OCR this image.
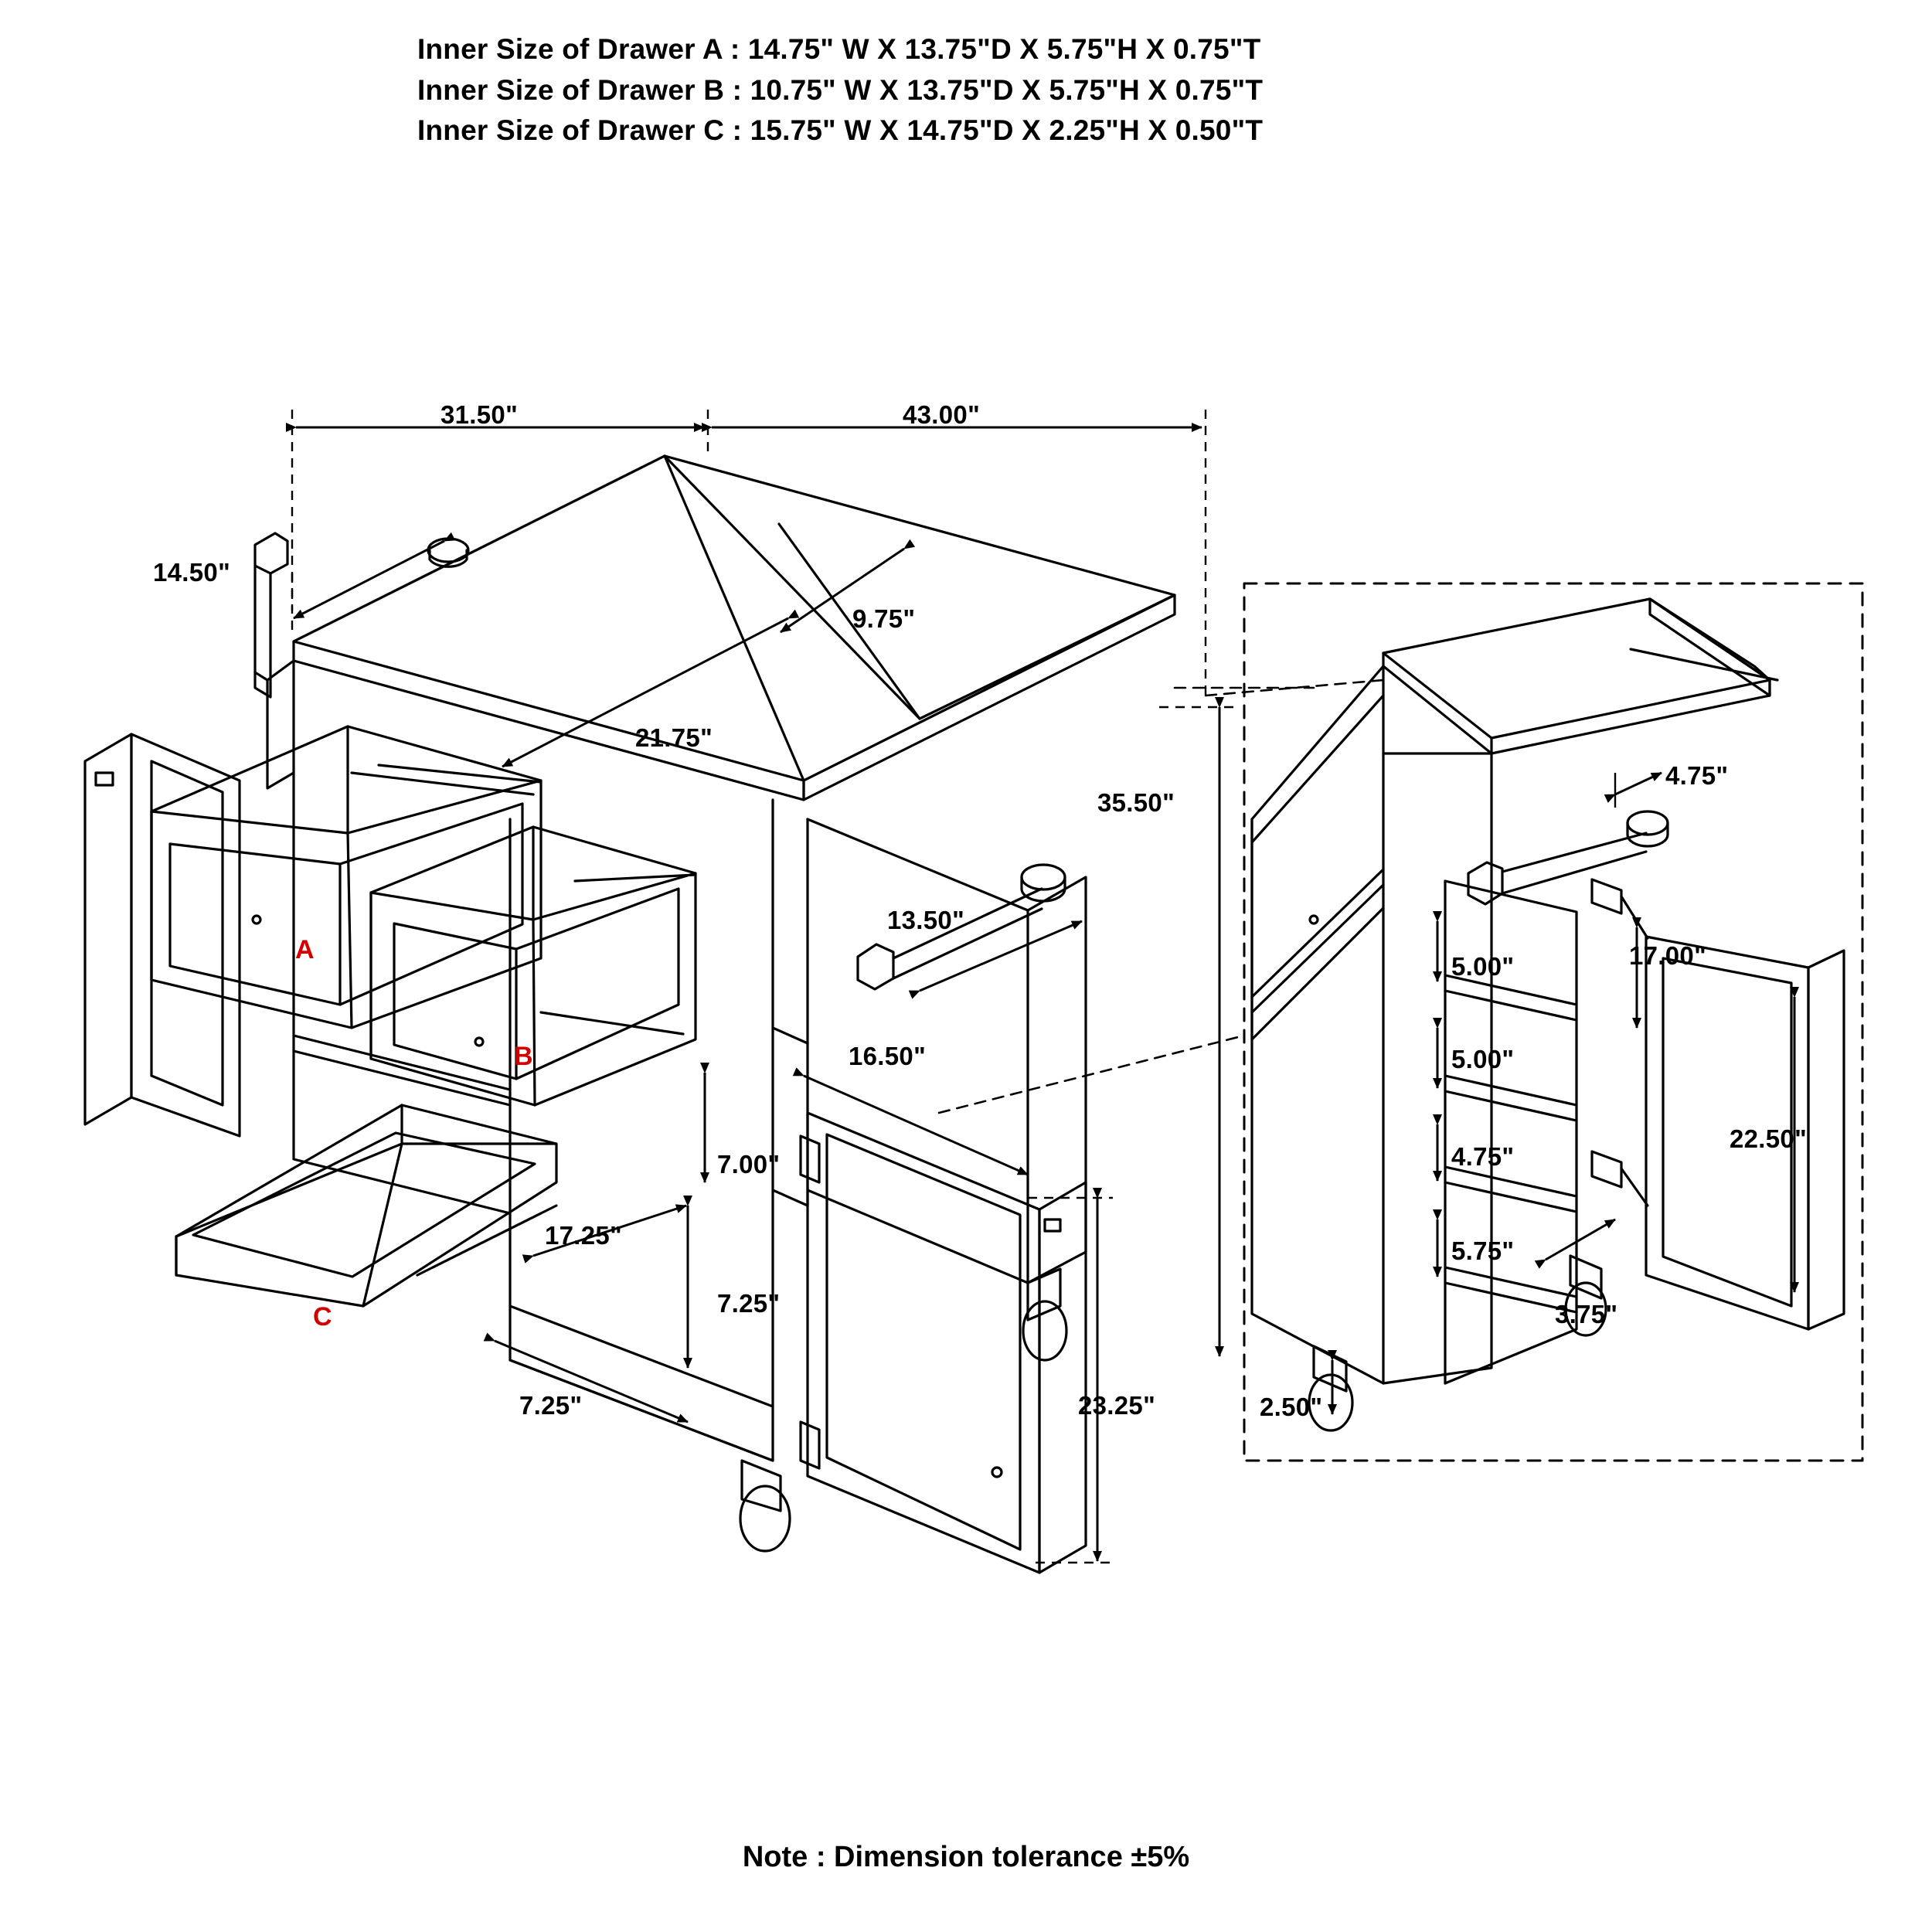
Inner Size of Drawer A : 14.75" W X 13.75"D X 5.75"H X 0.75"T
Inner Size of Drawer B : 10.75" W X 13.75"D X 5.75"H X 0.75"T
Inner Size of Drawer C : 15.75" W X 14.75"D X 2.25"H X 0.50"T
31.50"	43.00"
14.50"
9.75"
21.75"
35.50"
13.50"
16.50"
7.00"
17.25"
7.25"
7.25"	23.25"
4.75"
17.00"
5.00"
5.00"
4.75"
5.75"
22.50"
3.75"
2.50"
A
B
C
Note : Dimension tolerance ±5%
